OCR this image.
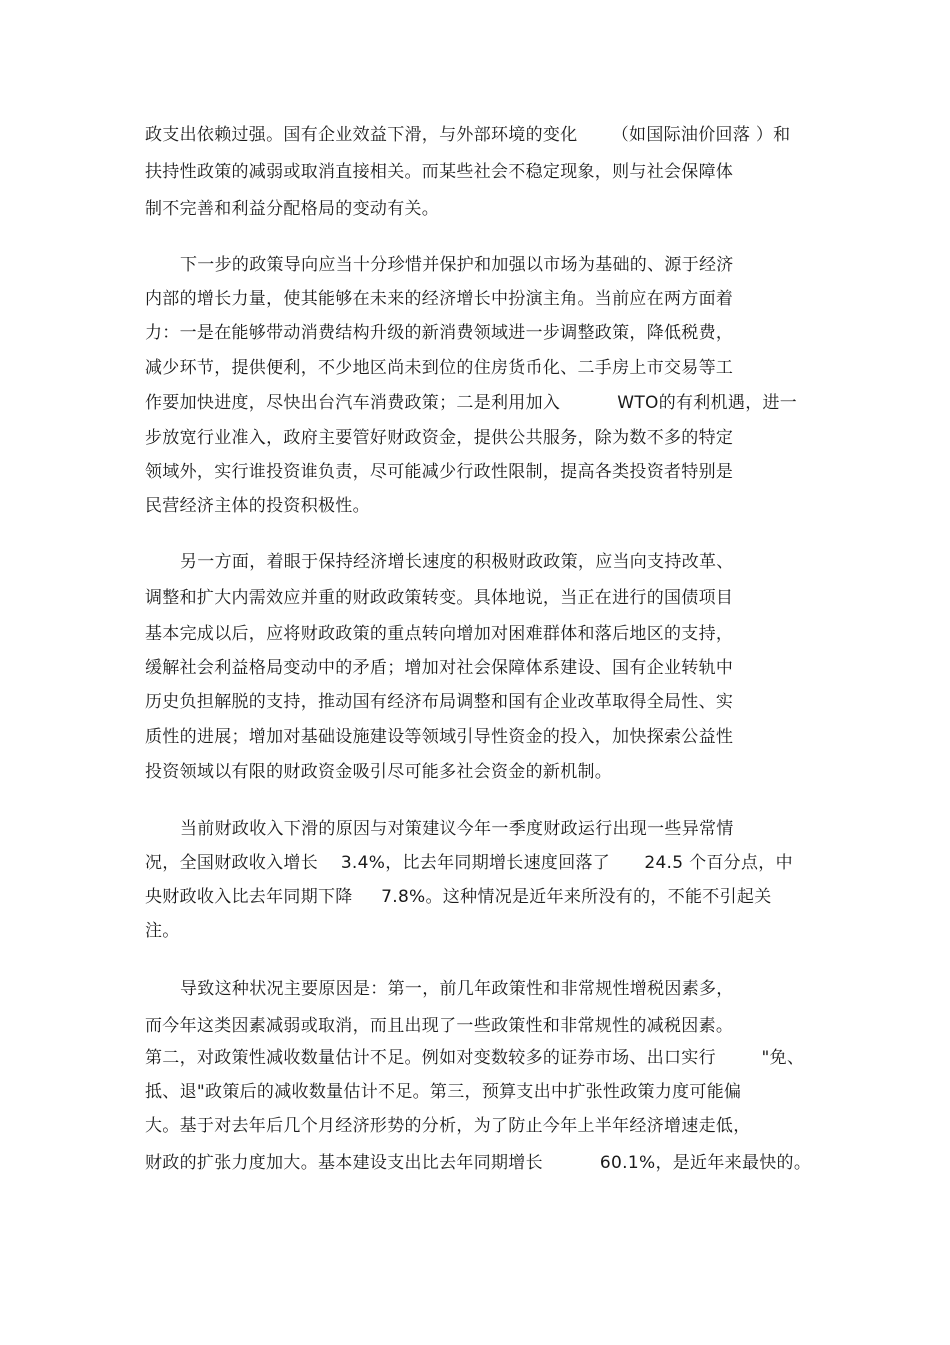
政支出依赖过强。国有企业效益下滑，与外部环境的变化      （如国际油价回落 ）和
扶持性政策的减弱或取消直接相关。而某些社会不稳定现象，则与社会保障体
制不完善和利益分配格局的变动有关。
下一步的政策导向应当十分珍惜并保护和加强以市场为基础的、源于经济
内部的增长力量，使其能够在未来的经济增长中扮演主角。当前应在两方面着
力：一是在能够带动消费结构升级的新消费领域进一步调整政策，降低税费，
减少环节，提供便利，不少地区尚未到位的住房货币化、二手房上市交易等工
作要加快进度，尽快出台汽车消费政策；二是利用加入          WTO的有利机遇，进一
步放宽行业准入，政府主要管好财政资金，提供公共服务，除为数不多的特定
领域外，实行谁投资谁负责，尽可能减少行政性限制，提高各类投资者特别是
民营经济主体的投资积极性。
另一方面，着眼于保持经济增长速度的积极财政政策，应当向支持改革、
调整和扩大内需效应并重的财政政策转变。具体地说，当正在进行的国债项目
基本完成以后，应将财政政策的重点转向增加对困难群体和落后地区的支持，
缓解社会利益格局变动中的矛盾；增加对社会保障体系建设、国有企业转轨中
历史负担解脱的支持，推动国有经济布局调整和国有企业改革取得全局性、实
质性的进展；增加对基础设施建设等领域引导性资金的投入，加快探索公益性
投资领域以有限的财政资金吸引尽可能多社会资金的新机制。
当前财政收入下滑的原因与对策建议今年一季度财政运行出现一些异常情
况，全国财政收入增长    3.4%，比去年同期增长速度回落了      24.5 个百分点，中
央财政收入比去年同期下降     7.8%。这种情况是近年来所没有的，不能不引起关
注。
导致这种状况主要原因是：第一，前几年政策性和非常规性增税因素多，
而今年这类因素减弱或取消，而且出现了一些政策性和非常规性的减税因素。
第二，对政策性减收数量估计不足。例如对变数较多的证券市场、出口实行        "免、
抵、退"政策后的减收数量估计不足。第三，预算支出中扩张性政策力度可能偏
大。基于对去年后几个月经济形势的分析，为了防止今年上半年经济增速走低，
财政的扩张力度加大。基本建设支出比去年同期增长          60.1%，是近年来最快的。
